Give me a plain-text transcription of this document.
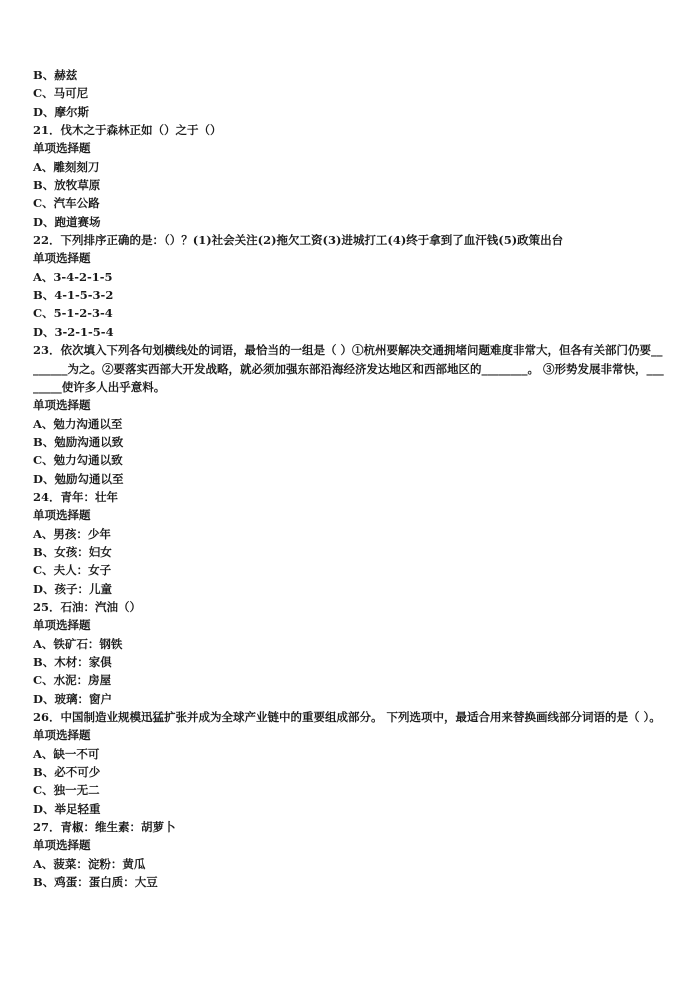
B、赫兹
C、马可尼
D、摩尔斯
21．伐木之于森林正如（）之于（）
单项选择题
A、雕刻刻刀
B、放牧草原
C、汽车公路
D、跑道赛场
22．下列排序正确的是：（）？(1)社会关注(2)拖欠工资(3)进城打工(4)终于拿到了血汗钱(5)政策出台
单项选择题
A、3-4-2-1-5
B、4-1-5-3-2
C、5-1-2-3-4
D、3-2-1-5-4
23．依次填入下列各句划横线处的词语，最恰当的一组是（ ）①杭州要解决交通拥堵问题难度非常大，但各有关部门仍要________为之。②要落实西部大开发战略，就必须加强东部沿海经济发达地区和西部地区的________。 ③形势发展非常快，________使许多人出乎意料。
单项选择题
A、勉力沟通以至
B、勉励沟通以致
C、勉力勾通以致
D、勉励勾通以至
24．青年：壮年
单项选择题
A、男孩：少年
B、女孩：妇女
C、夫人：女子
D、孩子：儿童
25．石油：汽油（）
单项选择题
A、铁矿石：钢铁
B、木材：家俱
C、水泥：房屋
D、玻璃：窗户
26．中国制造业规模迅猛扩张并成为全球产业链中的重要组成部分。 下列选项中，最适合用来替换画线部分词语的是（ ）。
单项选择题
A、缺一不可
B、必不可少
C、独一无二
D、举足轻重
27．青椒：维生素：胡萝卜
单项选择题
A、菠菜：淀粉：黄瓜
B、鸡蛋：蛋白质：大豆
